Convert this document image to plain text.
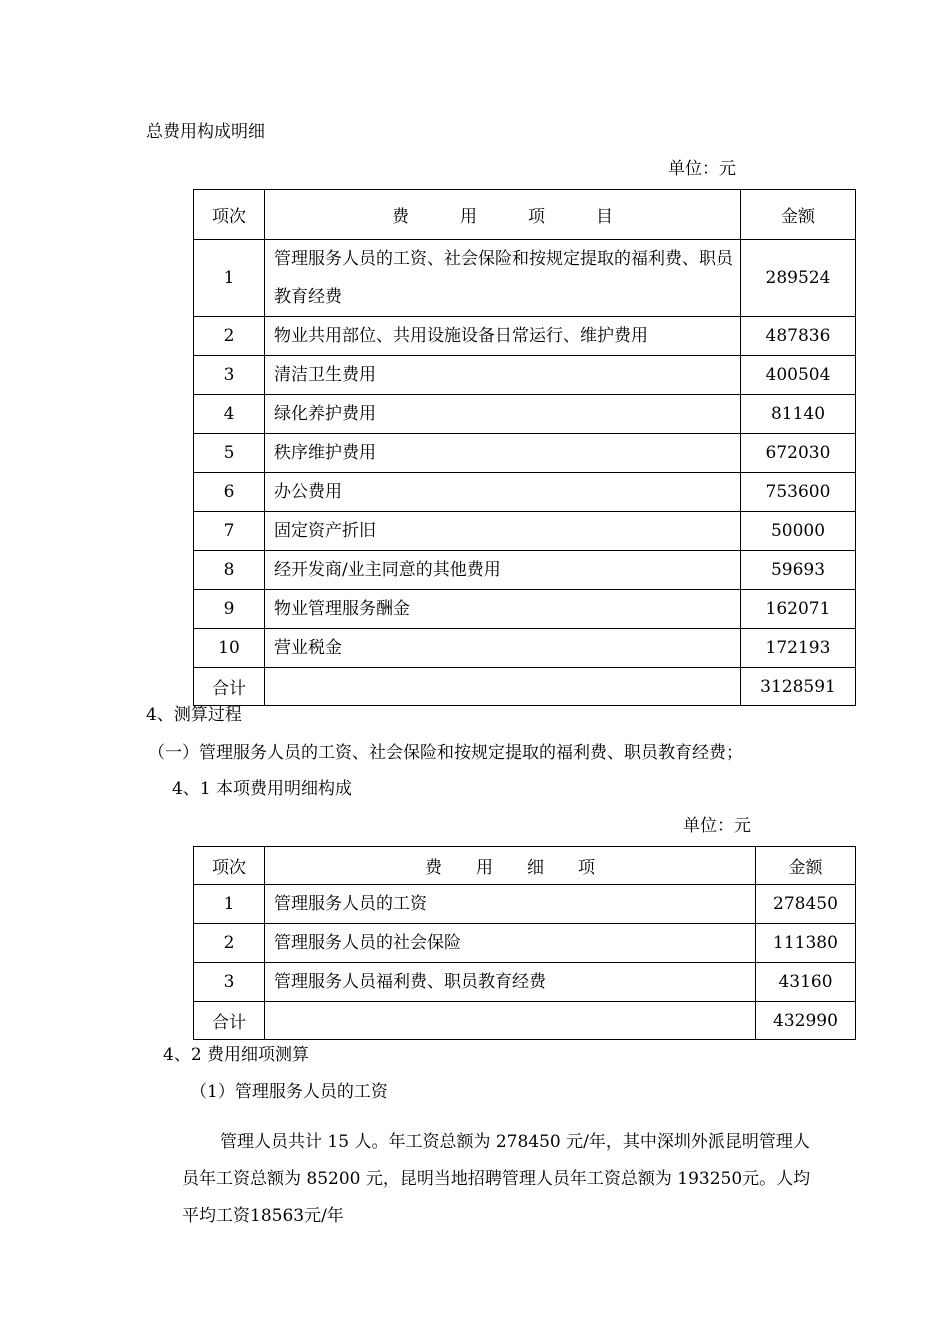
总费用构成明细
单位：元
项次	费　　　用　　　项　　　目	金额
1	管理服务人员的工资、社会保险和按规定提取的福利费、职员教育经费	289524
2	物业共用部位、共用设施设备日常运行、维护费用	487836
3	清洁卫生费用	400504
4	绿化养护费用	81140
5	秩序维护费用	672030
6	办公费用	753600
7	固定资产折旧	50000
8	经开发商/业主同意的其他费用	59693
9	物业管理服务酬金	162071
10	营业税金	172193
合计		3128591
4、测算过程
（一）管理服务人员的工资、社会保险和按规定提取的福利费、职员教育经费；
4、1 本项费用明细构成
单位：元
项次	费　　用　　细　　项	金额
1	管理服务人员的工资	278450
2	管理服务人员的社会保险	111380
3	管理服务人员福利费、职员教育经费	43160
合计		432990
4、2 费用细项测算
（1）管理服务人员的工资
管理人员共计 15 人。年工资总额为 278450 元/年，其中深圳外派昆明管理人员年工资总额为 85200 元，昆明当地招聘管理人员年工资总额为 193250元。人均平均工资18563元/年
